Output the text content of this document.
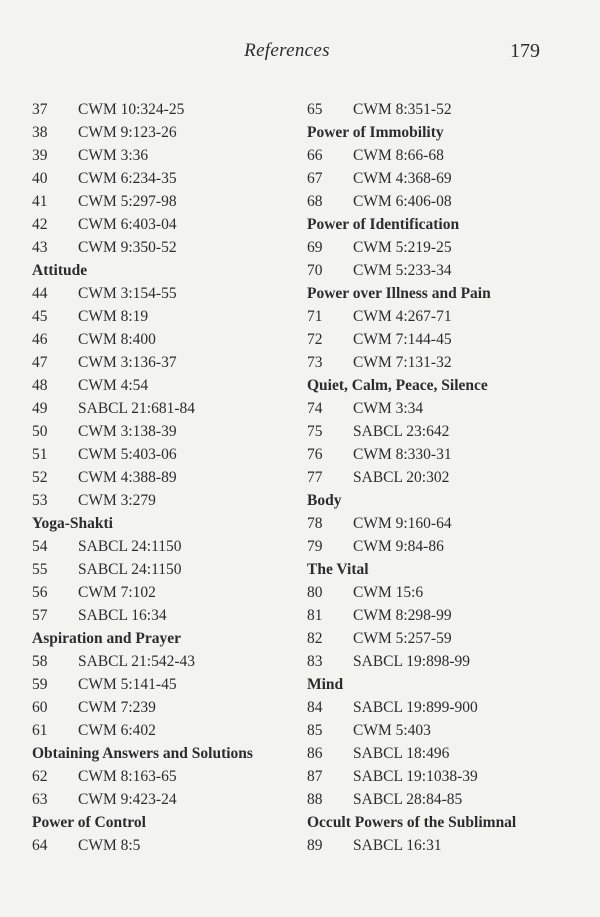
References	179
37 CWM 10:324-25
38 CWM 9:123-26
39 CWM 3:36
40 CWM 6:234-35
41 CWM 5:297-98
42 CWM 6:403-04
43 CWM 9:350-52
Attitude
44 CWM 3:154-55
45 CWM 8:19
46 CWM 8:400
47 CWM 3:136-37
48 CWM 4:54
49 SABCL 21:681-84
50 CWM 3:138-39
51 CWM 5:403-06
52 CWM 4:388-89
53 CWM 3:279
Yoga-Shakti
54 SABCL 24:1150
55 SABCL 24:1150
56 CWM 7:102
57 SABCL 16:34
Aspiration and Prayer
58 SABCL 21:542-43
59 CWM 5:141-45
60 CWM 7:239
61 CWM 6:402
Obtaining Answers and Solutions
62 CWM 8:163-65
63 CWM 9:423-24
Power of Control
64 CWM 8:5
65 CWM 8:351-52
Power of Immobility
66 CWM 8:66-68
67 CWM 4:368-69
68 CWM 6:406-08
Power of Identification
69 CWM 5:219-25
70 CWM 5:233-34
Power over Illness and Pain
71 CWM 4:267-71
72 CWM 7:144-45
73 CWM 7:131-32
Quiet, Calm, Peace, Silence
74 CWM 3:34
75 SABCL 23:642
76 CWM 8:330-31
77 SABCL 20:302
Body
78 CWM 9:160-64
79 CWM 9:84-86
The Vital
80 CWM 15:6
81 CWM 8:298-99
82 CWM 5:257-59
83 SABCL 19:898-99
Mind
84 SABCL 19:899-900
85 CWM 5:403
86 SABCL 18:496
87 SABCL 19:1038-39
88 SABCL 28:84-85
Occult Powers of the Sublimnal
89 SABCL 16:31
